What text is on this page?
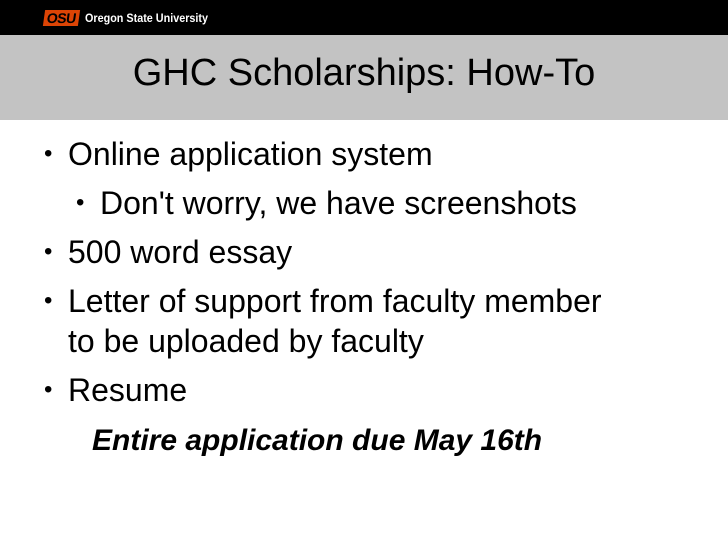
OSU Oregon State University
GHC Scholarships: How-To
• Online application system
• Don't worry, we have screenshots
• 500 word essay
• Letter of support from faculty member
to be uploaded by faculty
• Resume
Entire application due May 16th
